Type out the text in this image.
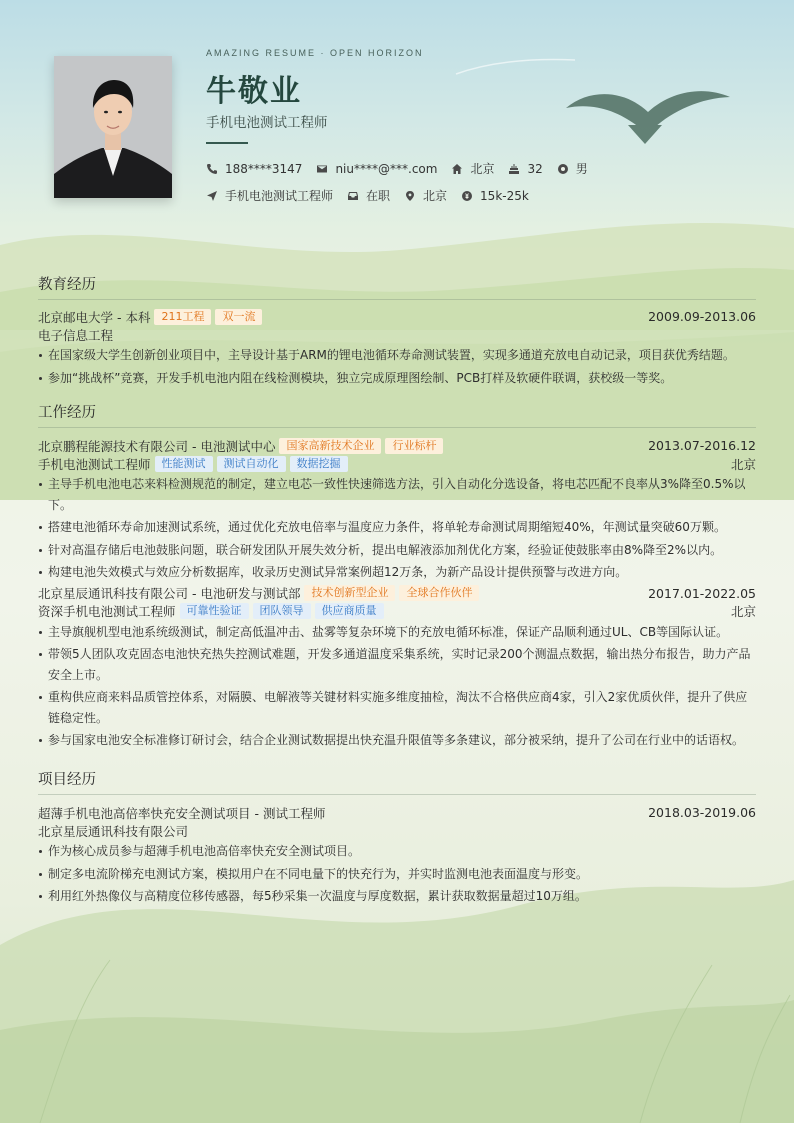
AMAZING RESUME · OPEN HORIZON
牛敬业
手机电池测试工程师
188****3147	niu****@***.com	北京	32	男
手机电池测试工程师	在职	北京	15k-25k
教育经历
北京邮电大学 - 本科	211工程	双一流	2009.09-2013.06
电子信息工程
在国家级大学生创新创业项目中，主导设计基于ARM的锂电池循环寿命测试装置，实现多通道充放电自动记录，项目获优秀结题。
参加“挑战杯”竞赛，开发手机电池内阻在线检测模块，独立完成原理图绘制、PCB打样及软硬件联调，获校级一等奖。
工作经历
北京鹏程能源技术有限公司 - 电池测试中心	国家高新技术企业	行业标杆	2013.07-2016.12
手机电池测试工程师	性能测试	测试自动化	数据挖掘	北京
主导手机电池电芯来料检测规范的制定，建立电芯一致性快速筛选方法，引入自动化分选设备，将电芯匹配不良率从3%降至0.5%以下。
搭建电池循环寿命加速测试系统，通过优化充放电倍率与温度应力条件，将单轮寿命测试周期缩短40%，年测试量突破60万颗。
针对高温存储后电池鼓胀问题，联合研发团队开展失效分析，提出电解液添加剂优化方案，经验证使鼓胀率由8%降至2%以内。
构建电池失效模式与效应分析数据库，收录历史测试异常案例超12万条，为新产品设计提供预警与改进方向。
北京星辰通讯科技有限公司 - 电池研发与测试部	技术创新型企业	全球合作伙伴	2017.01-2022.05
资深手机电池测试工程师	可靠性验证	团队领导	供应商质量	北京
主导旗舰机型电池系统级测试，制定高低温冲击、盐雾等复杂环境下的充放电循环标准，保证产品顺利通过UL、CB等国际认证。
带领5人团队攻克固态电池快充热失控测试难题，开发多通道温度采集系统，实时记录200个测温点数据，输出热分布报告，助力产品安全上市。
重构供应商来料品质管控体系，对隔膜、电解液等关键材料实施多维度抽检，淘汰不合格供应商4家，引入2家优质伙伴，提升了供应链稳定性。
参与国家电池安全标准修订研讨会，结合企业测试数据提出快充温升限值等多条建议，部分被采纳，提升了公司在行业中的话语权。
项目经历
超薄手机电池高倍率快充安全测试项目 - 测试工程师	2018.03-2019.06
北京星辰通讯科技有限公司
作为核心成员参与超薄手机电池高倍率快充安全测试项目。
制定多电流阶梯充电测试方案，模拟用户在不同电量下的快充行为，并实时监测电池表面温度与形变。
利用红外热像仪与高精度位移传感器，每5秒采集一次温度与厚度数据，累计获取数据量超过10万组。
